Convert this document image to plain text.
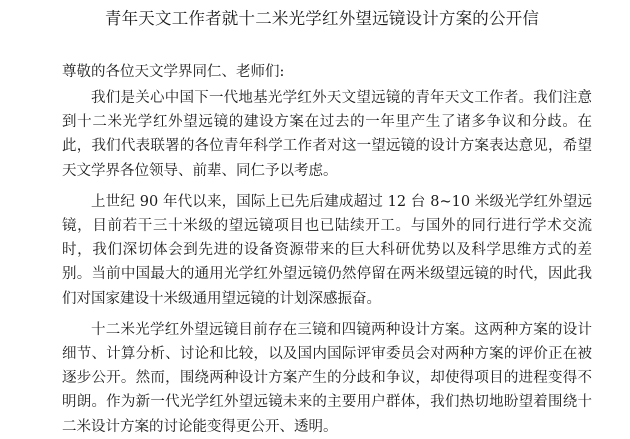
青年天文工作者就十二米光学红外望远镜设计方案的公开信

尊敬的各位天文学界同仁、老师们:

我们是关心中国下一代地基光学红外天文望远镜的青年天文工作者。我们注意到十二米光学红外望远镜的建设方案在过去的一年里产生了诸多争议和分歧。在此，我们代表联署的各位青年科学工作者对这一望远镜的设计方案表达意见，希望天文学界各位领导、前辈、同仁予以考虑。

上世纪 90 年代以来，国际上已先后建成超过 12 台 8~10 米级光学红外望远镜，目前若干三十米级的望远镜项目也已陆续开工。与国外的同行进行学术交流时，我们深切体会到先进的设备资源带来的巨大科研优势以及科学思维方式的差别。当前中国最大的通用光学红外望远镜仍然停留在两米级望远镜的时代，因此我们对国家建设十米级通用望远镜的计划深感振奋。

十二米光学红外望远镜目前存在三镜和四镜两种设计方案。这两种方案的设计细节、计算分析、讨论和比较，以及国内国际评审委员会对两种方案的评价正在被逐步公开。然而，围绕两种设计方案产生的分歧和争议，却使得项目的进程变得不明朗。作为新一代光学红外望远镜未来的主要用户群体，我们热切地盼望着围绕十二米设计方案的讨论能变得更公开、透明。
